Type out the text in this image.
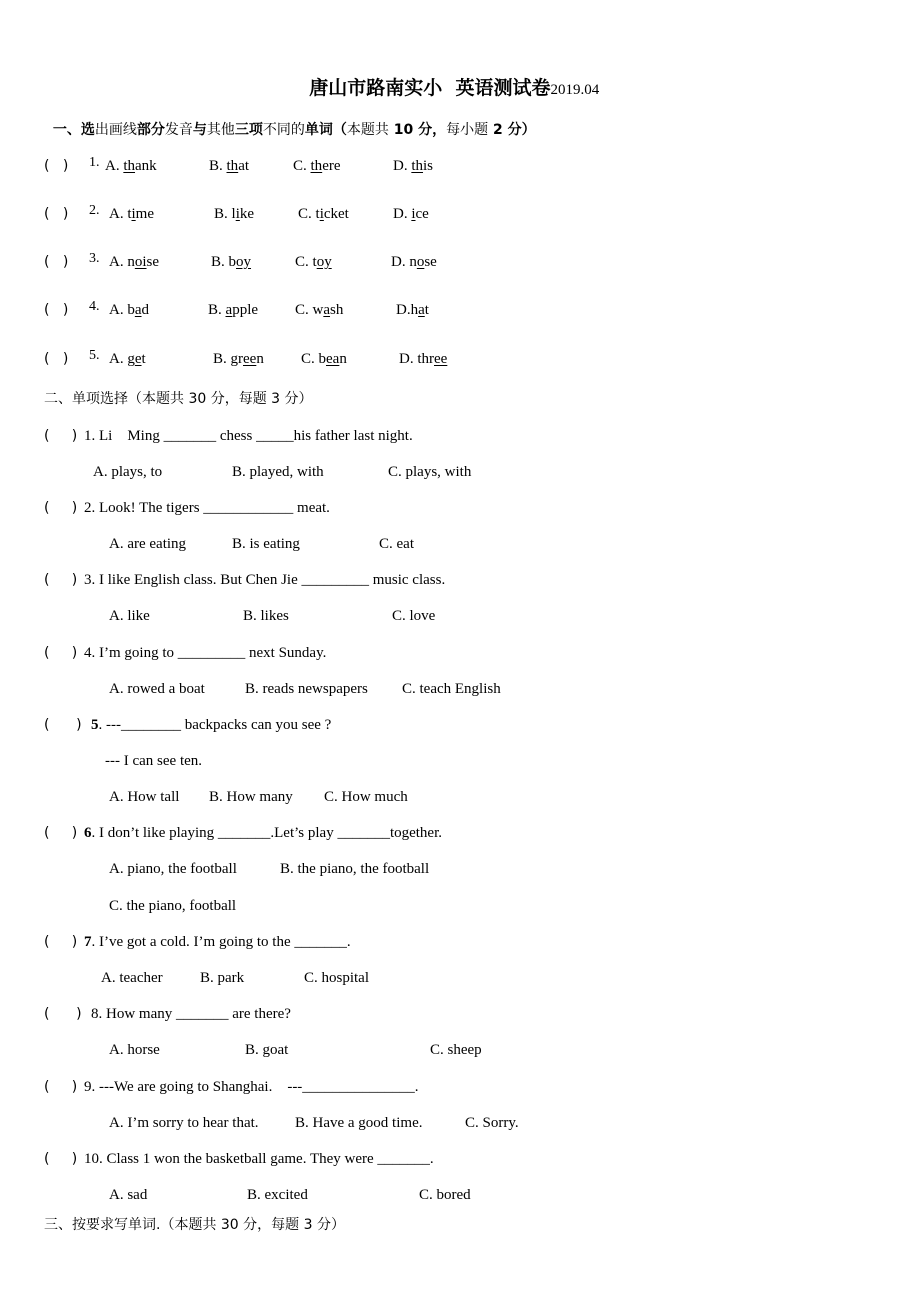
唐山市路南实小  英语测试卷2019.04

一、选出画线部分发音与其他三项不同的单词（本题共 10 分，每小题 2 分）

(   ) 1. A. thank	B. that	C. there	D. this
(   ) 2. A. time	B. like	C. ticket	D. ice
(   ) 3. A. noise	B. boy	C. toy	D. nose
(   ) 4. A. bad	B. apple C. wash	D.hat
(   ) 5. A. get	B. green C. bean	D. three
二、单项选择（本题共 30 分，每题 3 分）
(     ) 1. Li    Ming _______ chess _____his father last night.
A. plays, to	B. played, with	C. plays, with
(     ) 2. Look! The tigers ____________ meat.
A. are eating	B. is eating	C. eat
(     ) 3. I like English class. But Chen Jie _________ music class.
A. like	B. likes	C. love
(     ) 4. I’m going to _________ next Sunday.
A. rowed a boat	B. reads newspapers C. teach English
(      ) 5. ---________ backpacks can you see ?
--- I can see ten.
A. How tall B. How many C. How much
(     ) 6. I don’t like playing _______.Let’s play _______together.
A. piano, the football	B. the piano, the football
C. the piano, football
(     ) 7. I’ve got a cold. I’m going to the _______.
A. teacher B. park	C. hospital
(      ) 8. How many _______ are there?
A. horse	B. goat	C. sheep
(     ) 9. ---We are going to Shanghai.    ---_______________.
A. I’m sorry to hear that. B. Have a good time.	C. Sorry.
(     ) 10. Class 1 won the basketball game. They were _______.
A. sad	B. excited	C. bored
三、按要求写单词.（本题共 30 分，每题 3 分）
